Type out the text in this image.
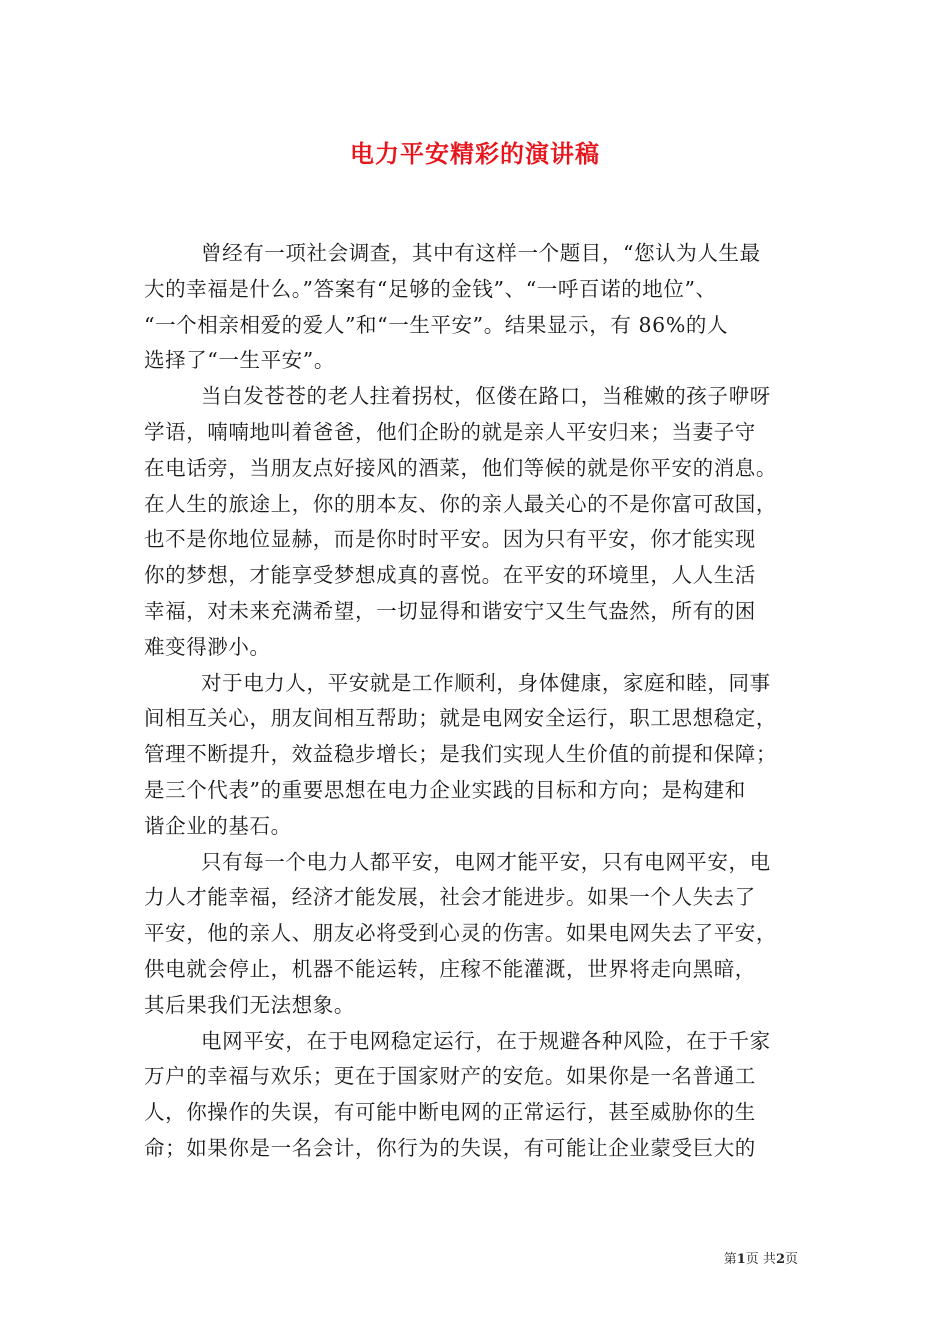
电力平安精彩的演讲稿
曾经有一项社会调查，其中有这样一个题目，“您认为人生最
大的幸福是什么。”答案有“足够的金钱”、“一呼百诺的地位”、
“一个相亲相爱的爱人”和“一生平安”。结果显示，有 86%的人
选择了“一生平安”。
当白发苍苍的老人拄着拐杖，伛偻在路口，当稚嫩的孩子咿呀
学语，喃喃地叫着爸爸，他们企盼的就是亲人平安归来；当妻子守
在电话旁，当朋友点好接风的酒菜，他们等候的就是你平安的消息。
在人生的旅途上，你的朋本友、你的亲人最关心的不是你富可敌国，
也不是你地位显赫，而是你时时平安。因为只有平安，你才能实现
你的梦想，才能享受梦想成真的喜悦。在平安的环境里，人人生活
幸福，对未来充满希望，一切显得和谐安宁又生气盎然，所有的困
难变得渺小。
对于电力人，平安就是工作顺利，身体健康，家庭和睦，同事
间相互关心，朋友间相互帮助；就是电网安全运行，职工思想稳定，
管理不断提升，效益稳步增长；是我们实现人生价值的前提和保障；
是三个代表”的重要思想在电力企业实践的目标和方向；是构建和
谐企业的基石。
只有每一个电力人都平安，电网才能平安，只有电网平安，电
力人才能幸福，经济才能发展，社会才能进步。如果一个人失去了
平安，他的亲人、朋友必将受到心灵的伤害。如果电网失去了平安，
供电就会停止，机器不能运转，庄稼不能灌溉，世界将走向黑暗，
其后果我们无法想象。
电网平安，在于电网稳定运行，在于规避各种风险，在于千家
万户的幸福与欢乐；更在于国家财产的安危。如果你是一名普通工
人，你操作的失误，有可能中断电网的正常运行，甚至威胁你的生
命；如果你是一名会计，你行为的失误，有可能让企业蒙受巨大的
第1页 共2页
